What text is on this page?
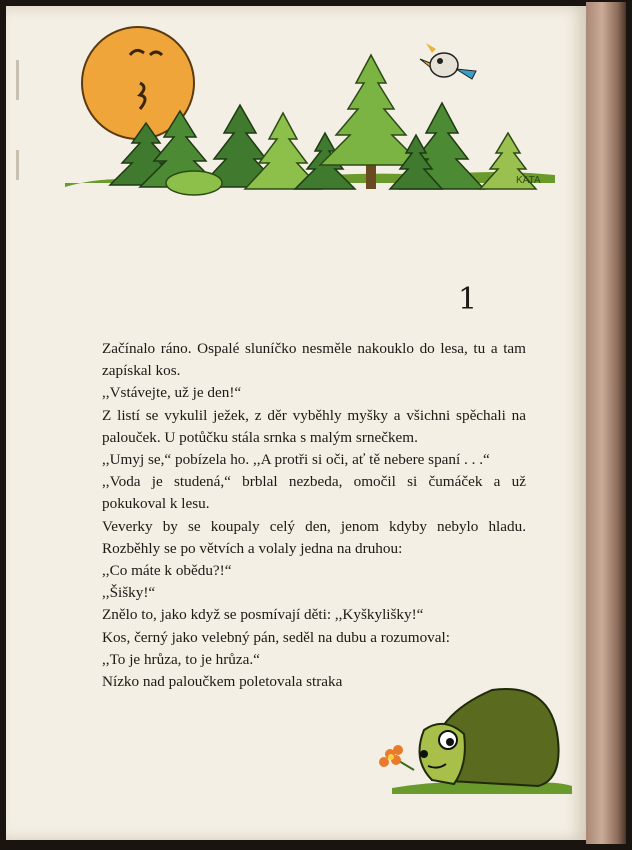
KATA
1

Začínalo ráno. Ospalé sluníčko nesměle nakouklo do lesa, tu a tam zapískal kos.

,,Vstávejte, už je den!“

Z listí se vykulil ježek, z děr vyběhly myšky a všichni spěchali na palouček. U potůčku stála srnka s malým srnečkem.

,,Umyj se,“ pobízela ho. ,,A protři si oči, ať tě nebere spaní . . .“

,,Voda je studená,“ brblal nezbeda, omočil si čumáček a už pokukoval k lesu.

Veverky by se koupaly celý den, jenom kdyby nebylo hladu. Rozběhly se po větvích a volaly jedna na druhou:

,,Co máte k obědu?!“

,,Šišky!“

Znělo to, jako když se posmívají děti: ,,Kyškylišky!“

Kos, černý jako velebný pán, seděl na dubu a rozumoval:

,,To je hrůza, to je hrůza.“

Nízko nad paloučkem poletovala straka
